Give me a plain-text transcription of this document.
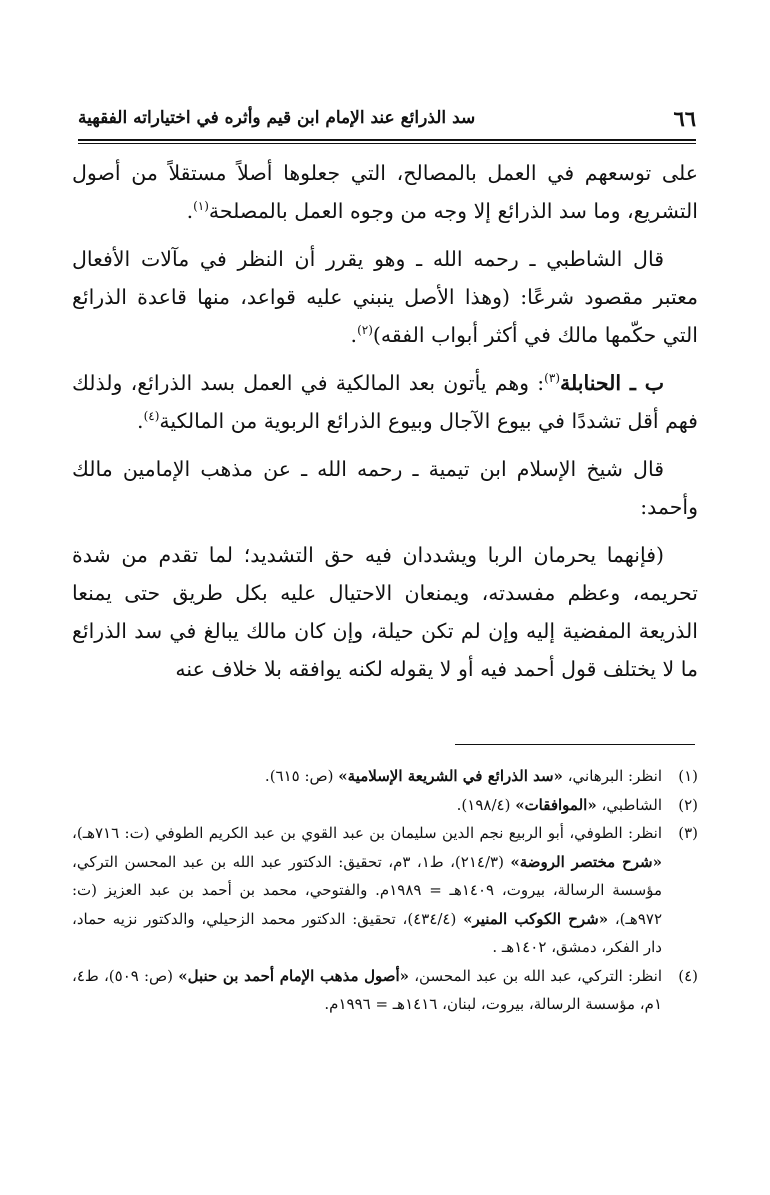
٦٦
سد الذرائع عند الإمام ابن قيم وأثره في اختياراته الفقهية

على توسعهم في العمل بالمصالح، التي جعلوها أصلاً مستقلاً من أصول التشريع، وما سد الذرائع إلا وجه من وجوه العمل بالمصلحة$^{(١)}$.

قال الشاطبي ـ رحمه الله ـ وهو يقرر أن النظر في مآلات الأفعال معتبر مقصود شرعًا: (وهذا الأصل ينبني عليه قواعد، منها قاعدة الذرائع التي حكّمها مالك في أكثر أبواب الفقه)$^{(٢)}$.

ب ـ الحنابلة$^{(٣)}$: وهم يأتون بعد المالكية في العمل بسد الذرائع، ولذلك فهم أقل تشددًا في بيوع الآجال وبيوع الذرائع الربوية من المالكية$^{(٤)}$.

قال شيخ الإسلام ابن تيمية ـ رحمه الله ـ عن مذهب الإمامين مالك وأحمد:

(فإنهما يحرمان الربا ويشددان فيه حق التشديد؛ لما تقدم من شدة تحريمه، وعظم مفسدته، ويمنعان الاحتيال عليه بكل طريق حتى يمنعا الذريعة المفضية إليه وإن لم تكن حيلة، وإن كان مالك يبالغ في سد الذرائع ما لا يختلف قول أحمد فيه أو لا يقوله لكنه يوافقه بلا خلاف عنه

(١)
انظر: البرهاني، «سد الذرائع في الشريعة الإسلامية» (ص: ٦١٥).
(٢)
الشاطبي، «الموافقات» (١٩٨/٤).
(٣)
انظر: الطوفي، أبو الربيع نجم الدين سليمان بن عبد القوي بن عبد الكريم الطوفي (ت: ٧١٦هـ)، «شرح مختصر الروضة» (٢١٤/٣)، ط١، ٣م، تحقيق: الدكتور عبد الله بن عبد المحسن التركي، مؤسسة الرسالة، بيروت، ١٤٠٩هـ = ١٩٨٩م. والفتوحي، محمد بن أحمد بن عبد العزيز (ت: ٩٧٢هـ)، «شرح الكوكب المنير» (٤٣٤/٤)، تحقيق: الدكتور محمد الزحيلي، والدكتور نزيه حماد، دار الفكر، دمشق، ١٤٠٢هـ .
(٤)
انظر: التركي، عبد الله بن عبد المحسن، «أصول مذهب الإمام أحمد بن حنبل» (ص: ٥٠٩)، ط٤، ١م، مؤسسة الرسالة، بيروت، لبنان، ١٤١٦هـ = ١٩٩٦م.
